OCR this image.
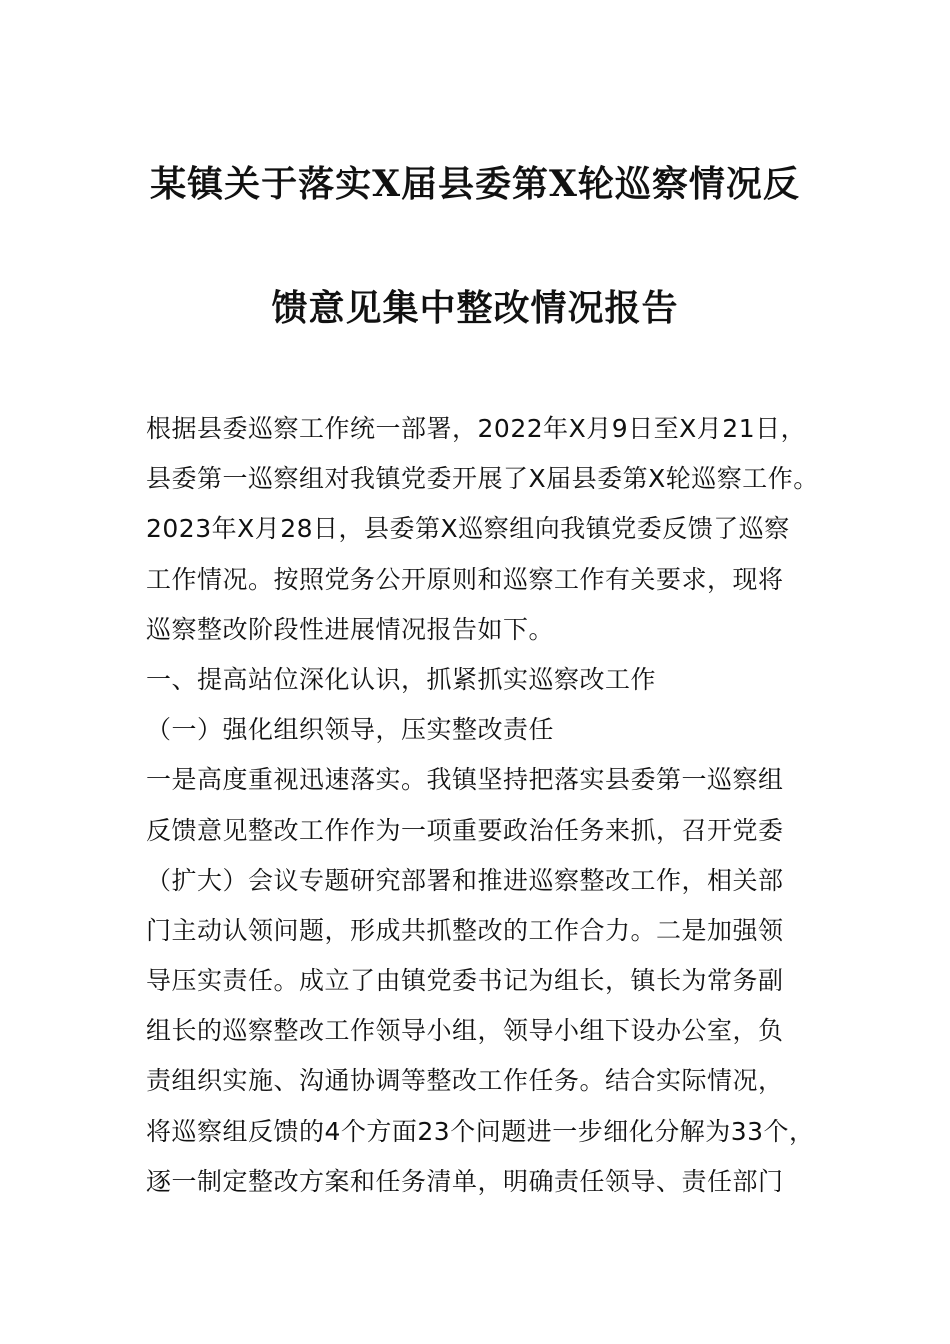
某镇关于落实X届县委第X轮巡察情况反
馈意见集中整改情况报告
根据县委巡察工作统一部署，2022年X月9日至X月21日，
县委第一巡察组对我镇党委开展了X届县委第X轮巡察工作。
2023年X月28日，县委第X巡察组向我镇党委反馈了巡察
工作情况。按照党务公开原则和巡察工作有关要求，现将
巡察整改阶段性进展情况报告如下。
一、提高站位深化认识，抓紧抓实巡察改工作
（一）强化组织领导，压实整改责任
一是高度重视迅速落实。我镇坚持把落实县委第一巡察组
反馈意见整改工作作为一项重要政治任务来抓，召开党委
（扩大）会议专题研究部署和推进巡察整改工作，相关部
门主动认领问题，形成共抓整改的工作合力。二是加强领
导压实责任。成立了由镇党委书记为组长，镇长为常务副
组长的巡察整改工作领导小组，领导小组下设办公室，负
责组织实施、沟通协调等整改工作任务。结合实际情况，
将巡察组反馈的4个方面23个问题进一步细化分解为33个，
逐一制定整改方案和任务清单，明确责任领导、责任部门
